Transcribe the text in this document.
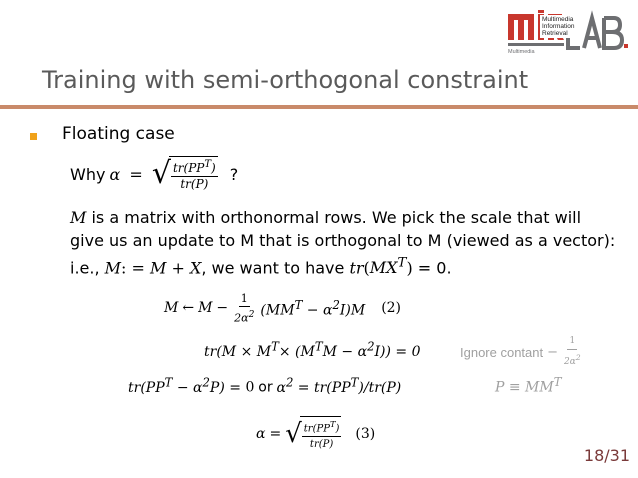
Multimedia
Multimedia
Information
Retrieval
Training with semi-orthogonal constraint
Floating case
Why α = √ $\frac{tr(PP^T)}{tr(P)}$ ?
M is a matrix with orthonormal rows. We pick the scale that will
give us an update to M that is orthogonal to M (viewed as a vector):
i.e., M: = M + X, we want to have $tr(MX^T) = 0$.
M ← $M - \frac{1}{2\alpha^2} (MM^T - \alpha^2I)M$ (2)
$tr(M \times M^T\times (M^TM - \alpha^2I)) = 0$	Ignore $contant - \frac{1}{2\alpha^2}$
$tr(PP^T - \alpha^2P) = 0$ or $\alpha^2 = tr(PP^T)/tr(P)$	$P \equiv MM^T$
α = √ $\frac{tr(PP^T)}{tr(P)} (3)$
18/31
